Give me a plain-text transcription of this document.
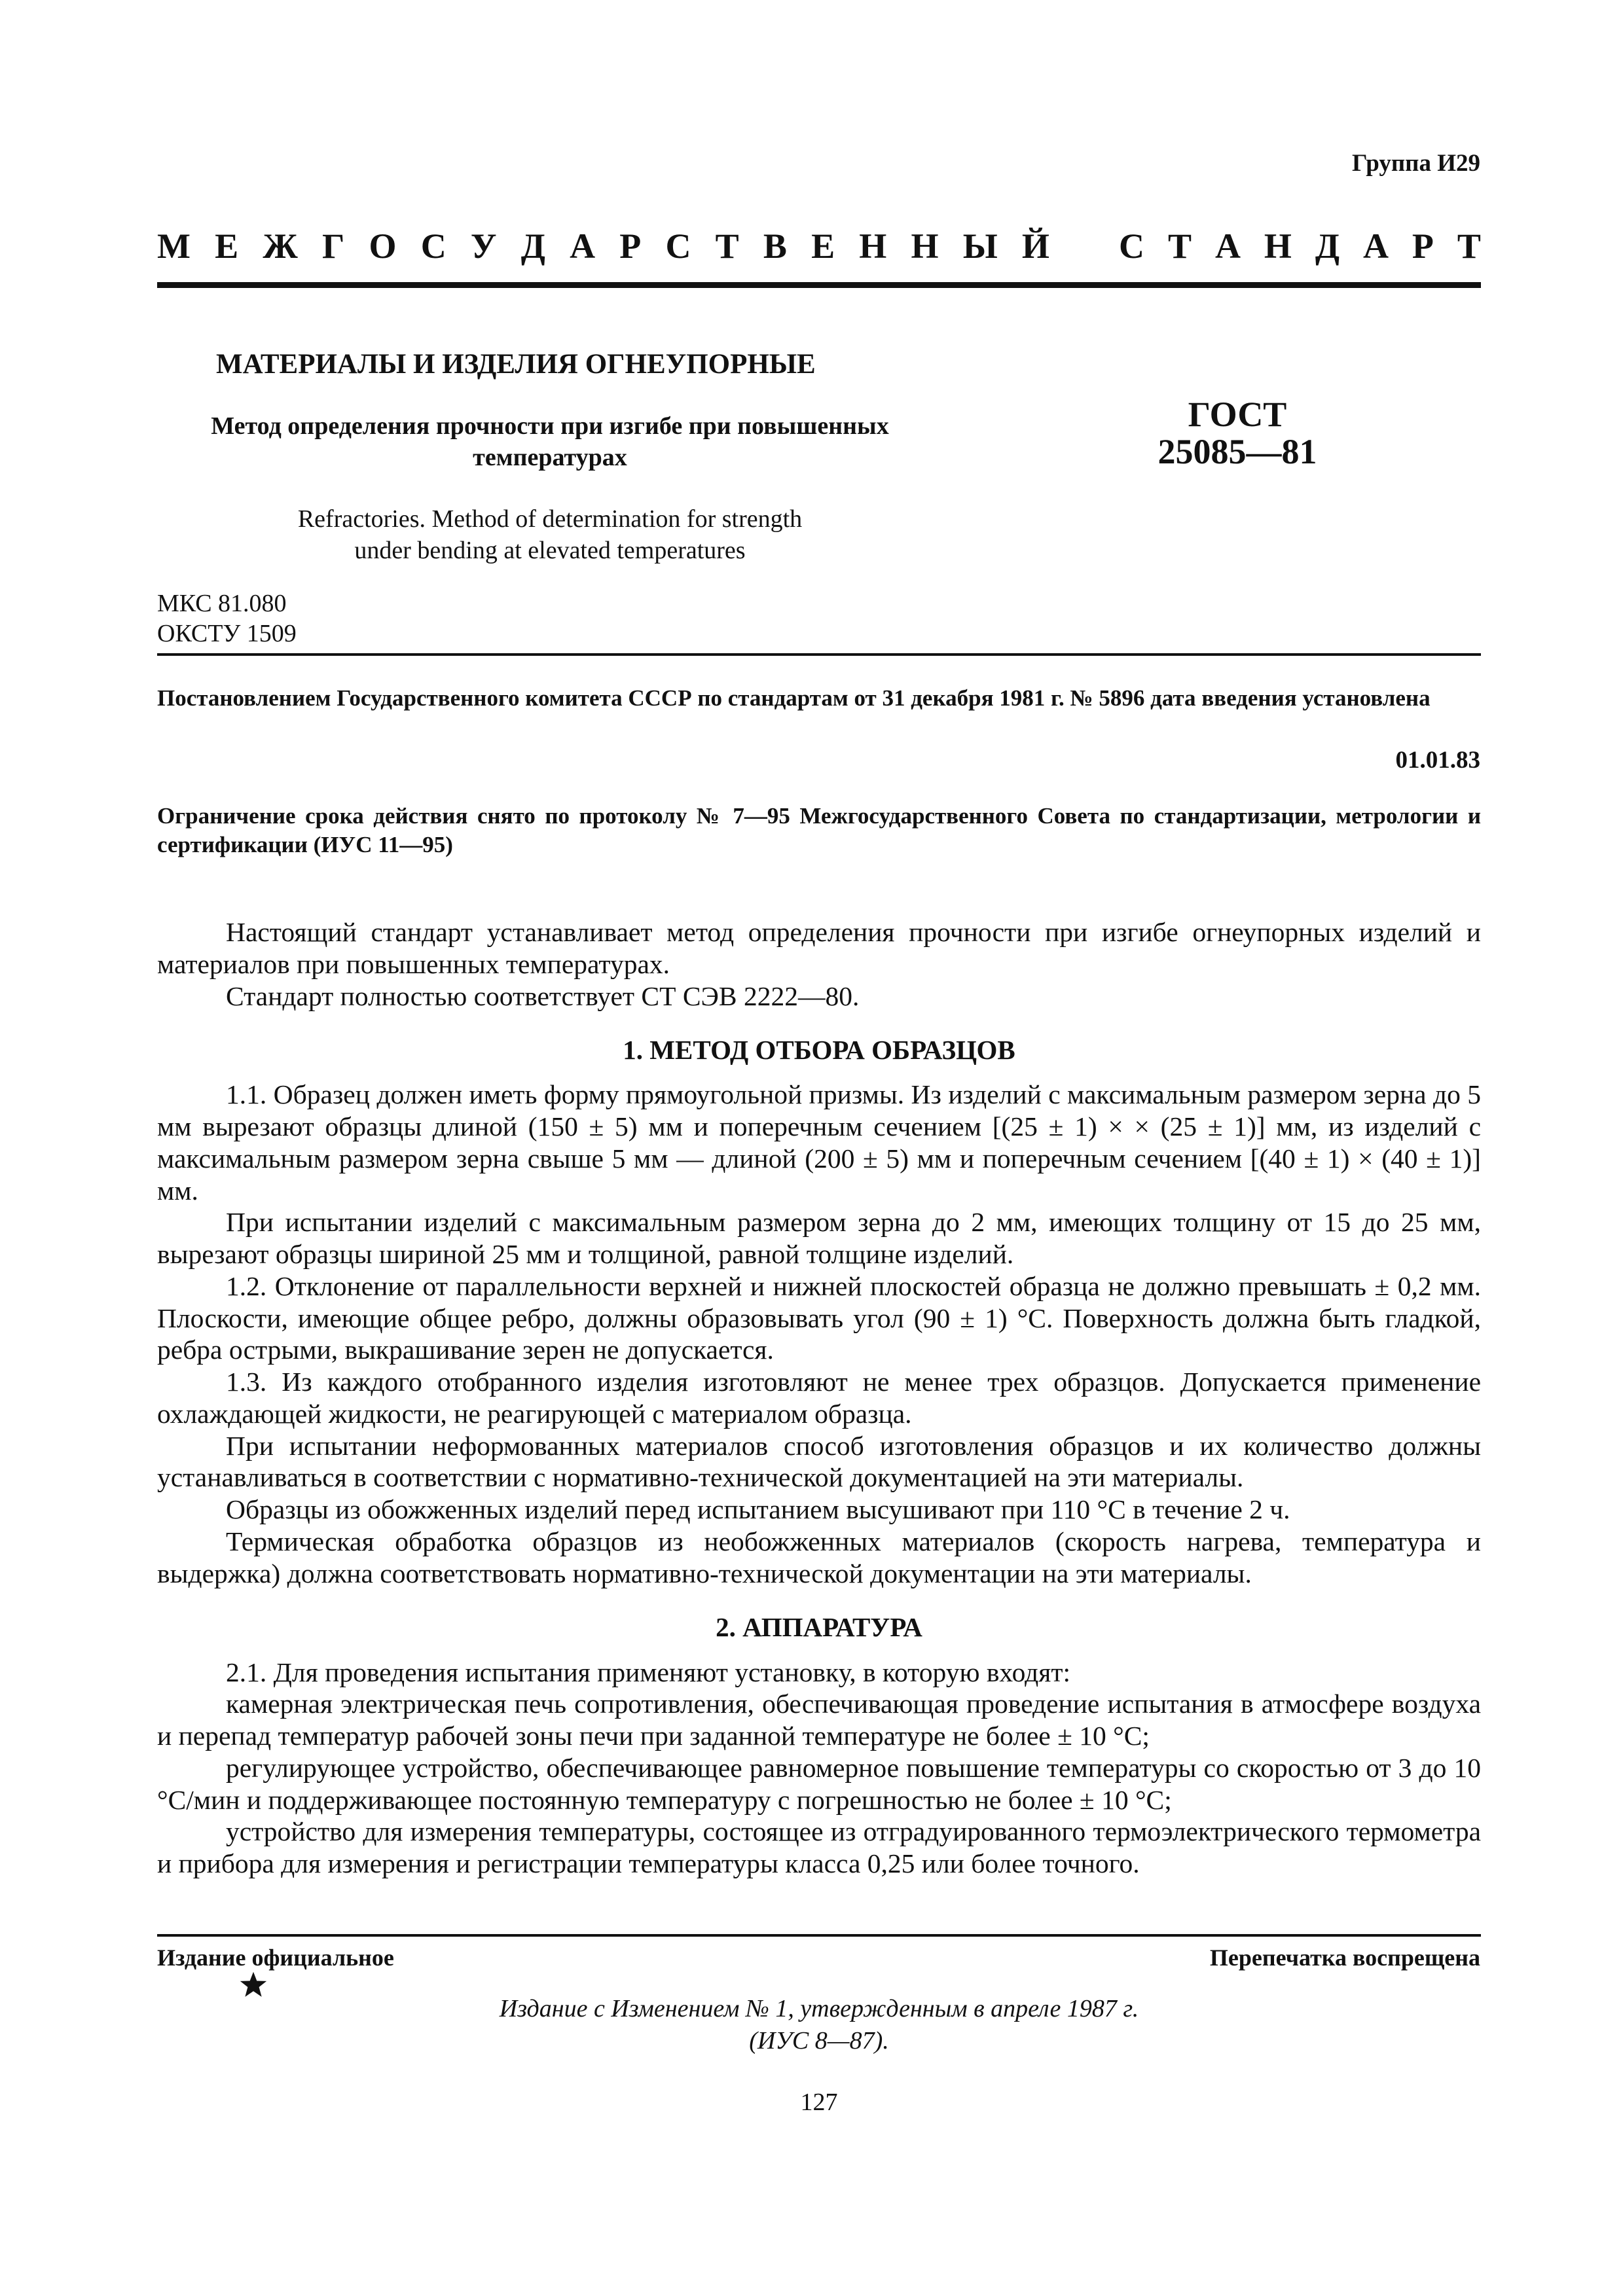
Группа И29
М Е Ж Г О С У Д А Р С Т В Е Н Н Ы Й С Т А Н Д А Р Т
МАТЕРИАЛЫ И ИЗДЕЛИЯ ОГНЕУПОРНЫЕ
Метод определения прочности при изгибе при повышенных
температурах
ГОСТ
25085—81
Refractories. Method of determination for strength
under bending at elevated temperatures
МКС 81.080
ОКСТУ 1509
Постановлением Государственного комитета СССР по стандартам от 31 декабря 1981 г. № 5896 дата введения установлена
01.01.83
Ограничение срока действия снято по протоколу № 7—95 Межгосударственного Совета по стандартизации, метрологии и сертификации (ИУС 11—95)

Настоящий стандарт устанавливает метод определения прочности при изгибе огнеупорных изделий и материалов при повышенных температурах.

Стандарт полностью соответствует СТ СЭВ 2222—80.

1. МЕТОД ОТБОРА ОБРАЗЦОВ

1.1. Образец должен иметь форму прямоугольной призмы. Из изделий с максимальным размером зерна до 5 мм вырезают образцы длиной (150 ± 5) мм и поперечным сечением [(25 ± 1) × × (25 ± 1)] мм, из изделий с максимальным размером зерна свыше 5 мм — длиной (200 ± 5) мм и поперечным сечением [(40 ± 1) × (40 ± 1)] мм.

При испытании изделий с максимальным размером зерна до 2 мм, имеющих толщину от 15 до 25 мм, вырезают образцы шириной 25 мм и толщиной, равной толщине изделий.

1.2. Отклонение от параллельности верхней и нижней плоскостей образца не должно превышать ± 0,2 мм. Плоскости, имеющие общее ребро, должны образовывать угол (90 ± 1) °С. Поверхность должна быть гладкой, ребра острыми, выкрашивание зерен не допускается.

1.3. Из каждого отобранного изделия изготовляют не менее трех образцов. Допускается применение охлаждающей жидкости, не реагирующей с материалом образца.

При испытании неформованных материалов способ изготовления образцов и их количество должны устанавливаться в соответствии с нормативно-технической документацией на эти материалы.

Образцы из обожженных изделий перед испытанием высушивают при 110 °С в течение 2 ч.

Термическая обработка образцов из необожженных материалов (скорость нагрева, температура и выдержка) должна соответствовать нормативно-технической документации на эти материалы.

2. АППАРАТУРА

2.1. Для проведения испытания применяют установку, в которую входят:

камерная электрическая печь сопротивления, обеспечивающая проведение испытания в атмосфере воздуха и перепад температур рабочей зоны печи при заданной температуре не более ± 10 °С;

регулирующее устройство, обеспечивающее равномерное повышение температуры со скоростью от 3 до 10 °С/мин и поддерживающее постоянную температуру с погрешностью не более ± 10 °С;

устройство для измерения температуры, состоящее из отградуированного термоэлектрического термометра и прибора для измерения и регистрации температуры класса 0,25 или более точного.

Издание официальное	Перепечатка воспрещена
Издание с Изменением № 1, утвержденным в апреле 1987 г.
(ИУС 8—87).
127
